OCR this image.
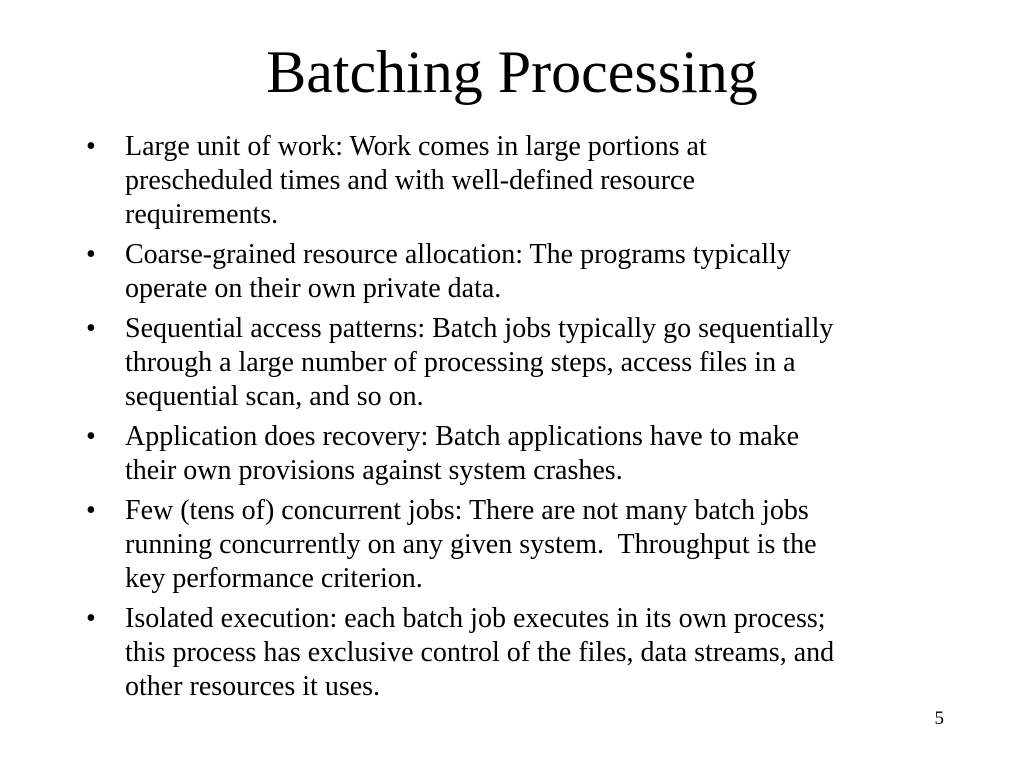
Batching Processing
• Large unit of work: Work comes in large portions at
prescheduled times and with well-defined resource
requirements.
• Coarse-grained resource allocation: The programs typically
operate on their own private data.
• Sequential access patterns: Batch jobs typically go sequentially
through a large number of processing steps, access files in a
sequential scan, and so on.
• Application does recovery: Batch applications have to make
their own provisions against system crashes.
• Few (tens of) concurrent jobs: There are not many batch jobs
running concurrently on any given system.  Throughput is the
key performance criterion.
• Isolated execution: each batch job executes in its own process;
this process has exclusive control of the files, data streams, and
other resources it uses.
5
